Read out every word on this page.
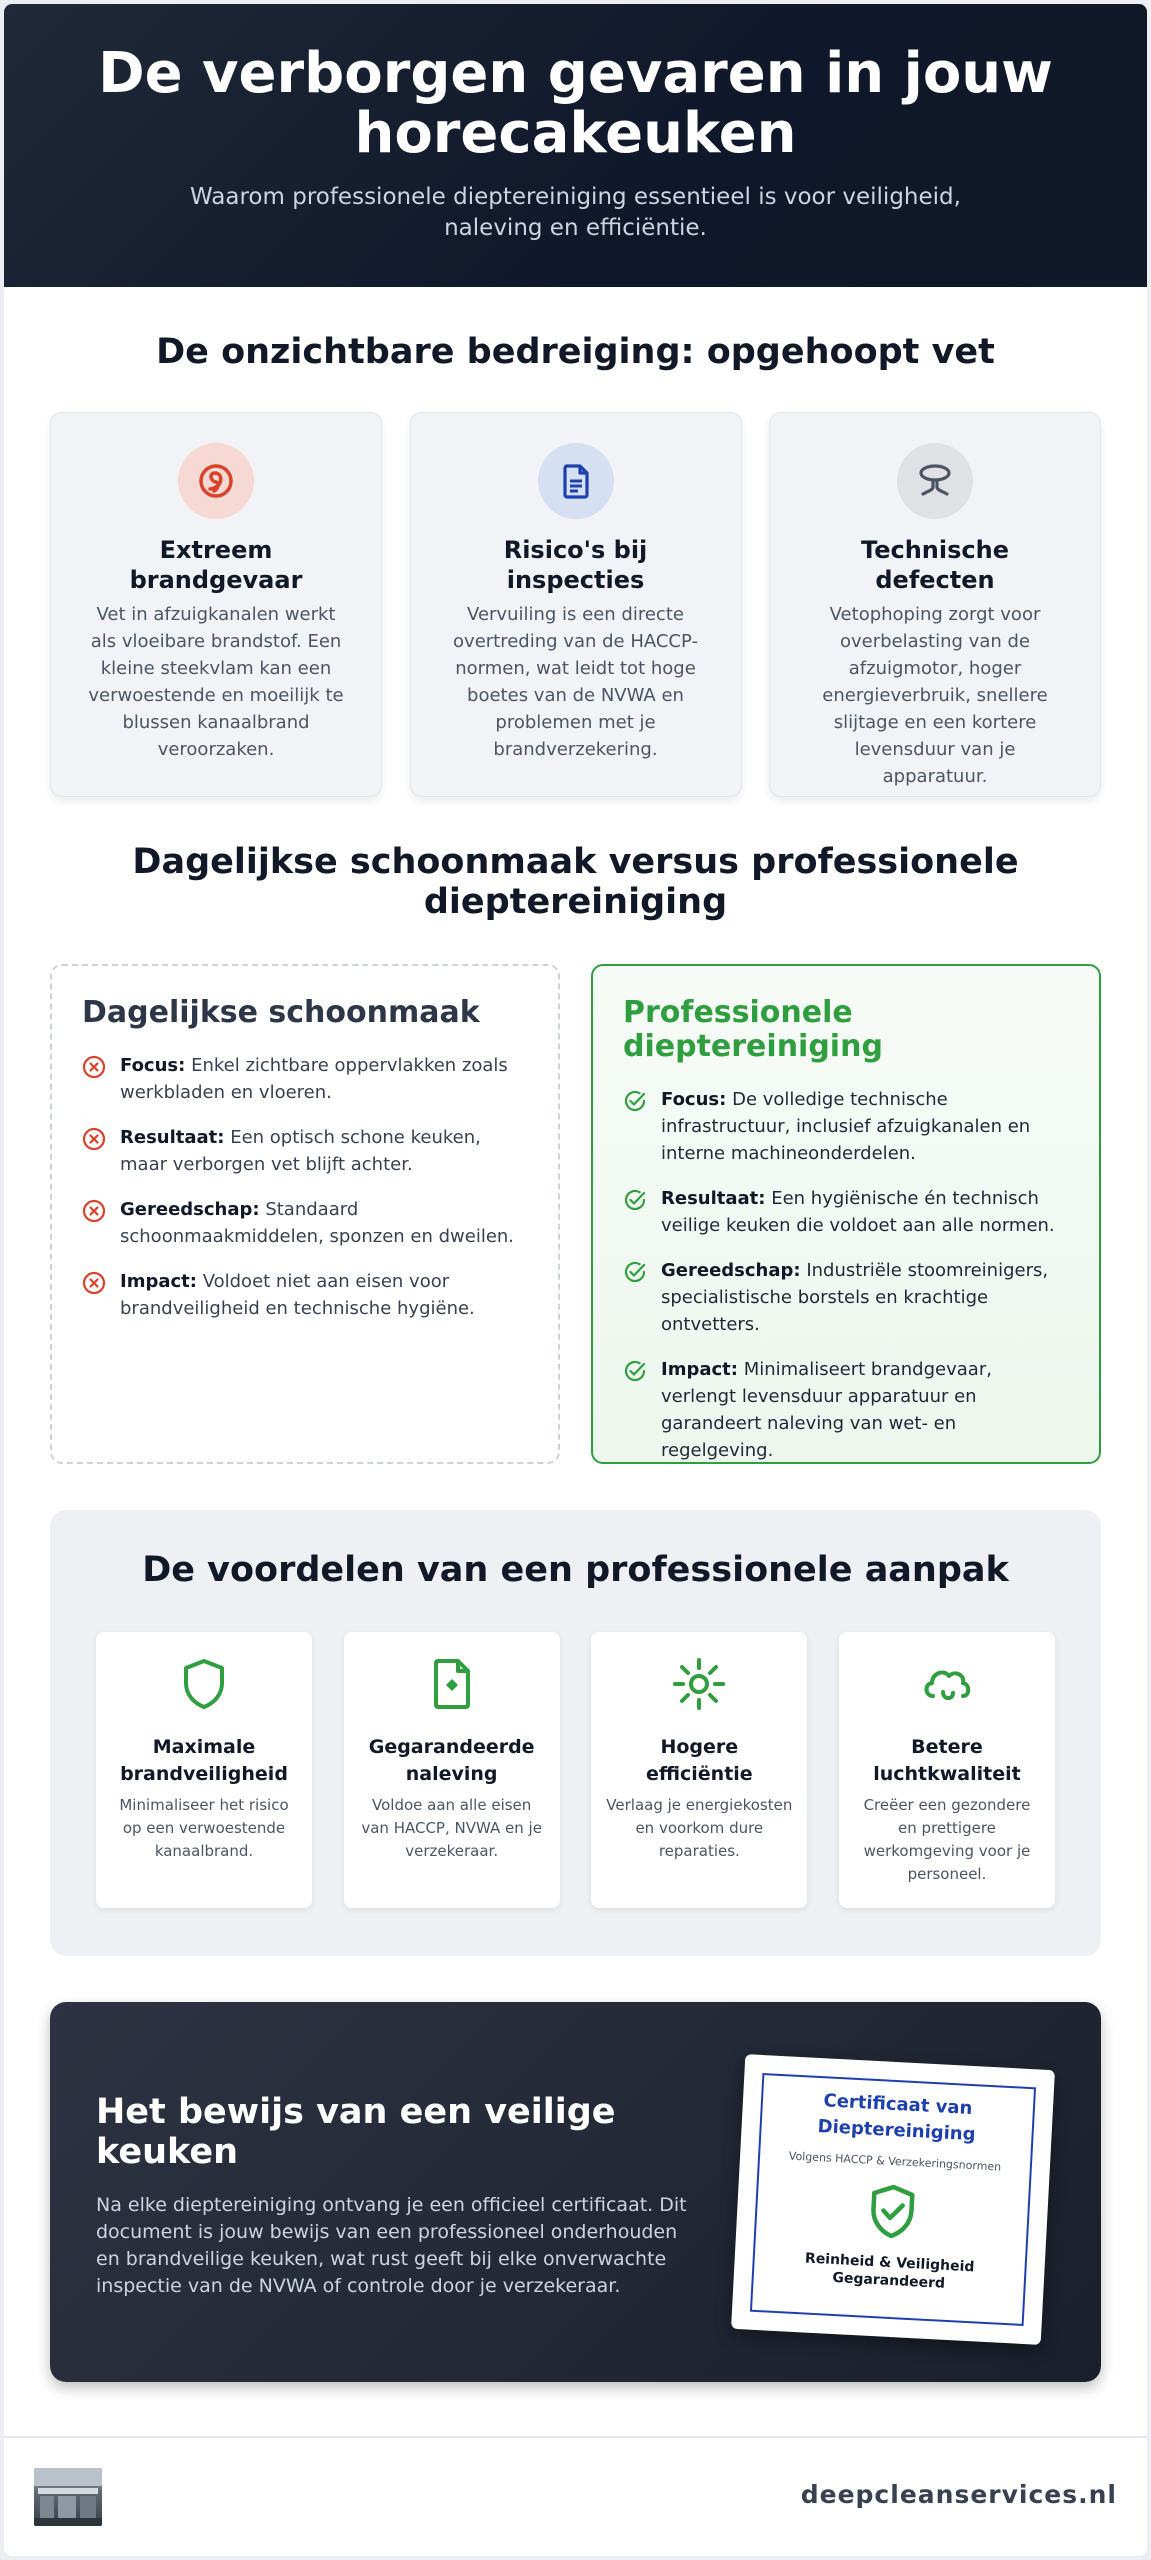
De verborgen gevaren in jouw horecakeuken

Waarom professionele dieptereiniging essentieel is voor veiligheid, naleving en efficiëntie.

De onzichtbare bedreiging: opgehoopt vet
Extreem brandgevaar

Vet in afzuigkanalen werkt als vloeibare brandstof. Een kleine steekvlam kan een verwoestende en moeilijk te blussen kanaalbrand veroorzaken.

Risico's bij inspecties

Vervuiling is een directe overtreding van de HACCP-normen, wat leidt tot hoge boetes van de NVWA en problemen met je brandverzekering.

Technische defecten

Vetophoping zorgt voor overbelasting van de afzuigmotor, hoger energieverbruik, snellere slijtage en een kortere levensduur van je apparatuur.

Dagelijkse schoonmaak versus professionele dieptereiniging
Dagelijkse schoonmaak
Focus: Enkel zichtbare oppervlakken zoals werkbladen en vloeren.
Resultaat: Een optisch schone keuken, maar verborgen vet blijft achter.
Gereedschap: Standaard schoonmaakmiddelen, sponzen en dweilen.
Impact: Voldoet niet aan eisen voor brandveiligheid en technische hygiëne.
Professionele dieptereiniging
Focus: De volledige technische infrastructuur, inclusief afzuigkanalen en interne machineonderdelen.
Resultaat: Een hygiënische én technisch veilige keuken die voldoet aan alle normen.
Gereedschap: Industriële stoomreinigers, specialistische borstels en krachtige ontvetters.
Impact: Minimaliseert brandgevaar, verlengt levensduur apparatuur en garandeert naleving van wet- en regelgeving.
De voordelen van een professionele aanpak
Maximale brandveiligheid

Minimaliseer het risico op een verwoestende kanaalbrand.

Gegarandeerde naleving

Voldoe aan alle eisen van HACCP, NVWA en je verzekeraar.

Hogere efficiëntie

Verlaag je energiekosten en voorkom dure reparaties.

Betere luchtkwaliteit

Creëer een gezondere en prettigere werkomgeving voor je personeel.

Het bewijs van een veilige keuken

Na elke dieptereiniging ontvang je een officieel certificaat. Dit document is jouw bewijs van een professioneel onderhouden en brandveilige keuken, wat rust geeft bij elke onverwachte inspectie van de NVWA of controle door je verzekeraar.

Certificaat van Dieptereiniging
Volgens HACCP & Verzekeringsnormen
Reinheid & Veiligheid Gegarandeerd
deepcleanservices.nl
